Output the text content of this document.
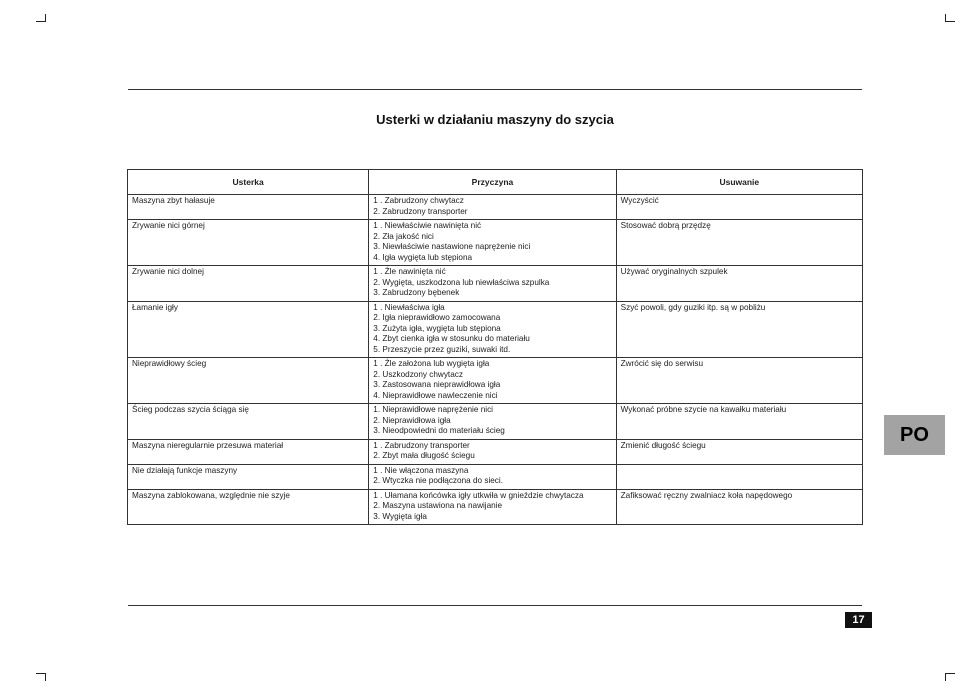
Usterki w działaniu maszyny do szycia
Usterka	Przyczyna	Usuwanie
Maszyna zbyt hałasuje	1 . Zabrudzony chwytacz
2. Zabrudzony transporter	Wyczyścić
Zrywanie nici górnej	1 . Niewłaściwie nawinięta nić
2. Zła jakość nici
3. Niewłaściwie nastawione naprężenie nici
4. Igła wygięta lub stępiona	Stosować dobrą przędzę
Zrywanie nici dolnej	1 . Źle nawinięta nić
2. Wygięta, uszkodzona lub niewłaściwa szpulka
3. Zabrudzony bębenek	Używać oryginalnych szpulek
Łamanie igły	1 . Niewłaściwa igła
2. Igła nieprawidłowo zamocowana
3. Zużyta igła, wygięta lub stępiona
4. Zbyt cienka igła w stosunku do materiału
5. Przeszycie przez guziki, suwaki itd.	Szyć powoli, gdy guziki itp. są w pobliżu
Nieprawidłowy ścieg	1 . Źle założona lub wygięta igła
2. Uszkodzony chwytacz
3. Zastosowana nieprawidłowa igła
4. Nieprawidłowe nawleczenie nici	Zwrócić się do serwisu
Ścieg podczas szycia ściąga się	1. Nieprawidłowe naprężenie nici
2. Nieprawidłowa igła
3. Nieodpowiedni do materiału ścieg	Wykonać próbne szycie na kawałku materiału
Maszyna nieregularnie przesuwa materiał	1 . Zabrudzony transporter
2. Zbyt mała długość ściegu	Zmienić długość ściegu
Nie działają funkcje maszyny	1 . Nie włączona maszyna
2. Wtyczka nie podłączona do sieci.	

Maszyna zablokowana, względnie nie szyje	1 . Ułamana końcówka igły utkwiła w gnieździe chwytacza
2. Maszyna ustawiona na nawijanie
3. Wygięta igła	Zafiksować ręczny zwalniacz koła napędowego
PO
17
